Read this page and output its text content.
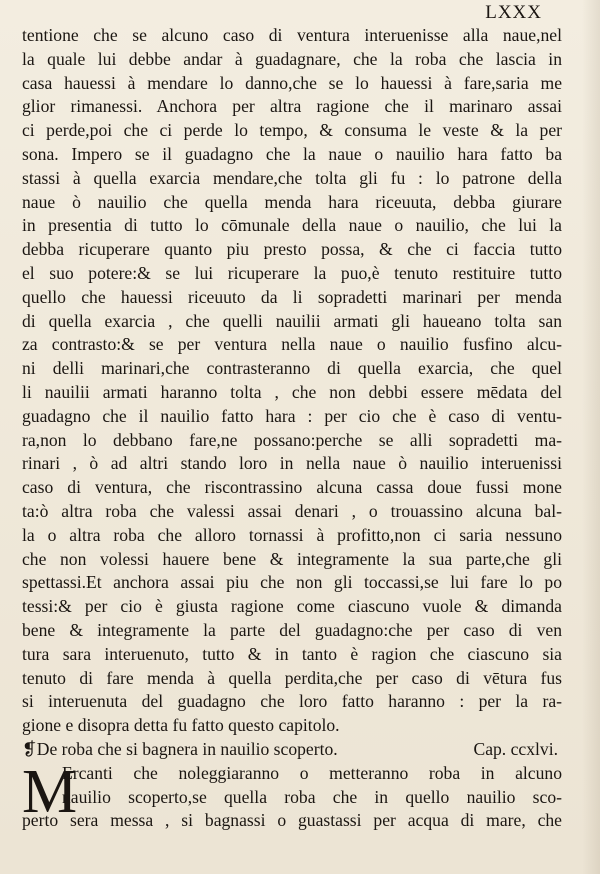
LXXX
tentione che se alcuno caso di ventura interuenisse alla naue,nel
la quale lui debbe andar à guadagnare, che la roba che lascia in
casa hauessi à mendare lo danno,che se lo hauessi à fare,saria me
glior rimanessi. Anchora per altra ragione che il marinaro assai
ci perde,poi che ci perde lo tempo, & consuma le veste & la per
sona. Impero se il guadagno che la naue o nauilio hara fatto ba
stassi à quella exarcia mendare,che tolta gli fu : lo patrone della
naue ò nauilio che quella menda hara riceuuta, debba giurare
in presentia di tutto lo cōmunale della naue o nauilio, che lui la
debba ricuperare quanto piu presto possa, & che ci faccia tutto
el suo potere:& se lui ricuperare la puo,è tenuto restituire tutto
quello che hauessi riceuuto da li sopradetti marinari per menda
di quella exarcia , che quelli nauilii armati gli haueano tolta san
za contrasto:& se per ventura nella naue o nauilio fusfino alcu-
ni delli marinari,che contrasteranno di quella exarcia, che quel
li nauilii armati haranno tolta , che non debbi essere mēdata del
guadagno che il nauilio fatto hara : per cio che è caso di ventu-
ra,non lo debbano fare,ne possano:perche se alli sopradetti ma-
rinari , ò ad altri stando loro in nella naue ò nauilio interuenissi
caso di ventura, che riscontrassino alcuna cassa doue fussi mone
ta:ò altra roba che valessi assai denari , o trouassino alcuna bal-
la o altra roba che alloro tornassi à profitto,non ci saria nessuno
che non volessi hauere bene & integramente la sua parte,che gli
spettassi.Et anchora assai piu che non gli toccassi,se lui fare lo po
tessi:& per cio è giusta ragione come ciascuno vuole & dimanda
bene & integramente la parte del guadagno:che per caso di ven
tura sara interuenuto, tutto & in tanto è ragion che ciascuno sia
tenuto di fare menda à quella perdita,che per caso di vētura fus
si interuenuta del guadagno che loro fatto haranno : per la ra-
gione e disopra detta fu fatto questo capitolo.
❡De roba che si bagnera in nauilio scoperto.	Cap. ccxlvi.
M
Ercanti che noleggiaranno o metteranno roba in alcuno
nauilio scoperto,se quella roba che in quello nauilio sco-
perto sera messa , si bagnassi o guastassi per acqua di mare, che
